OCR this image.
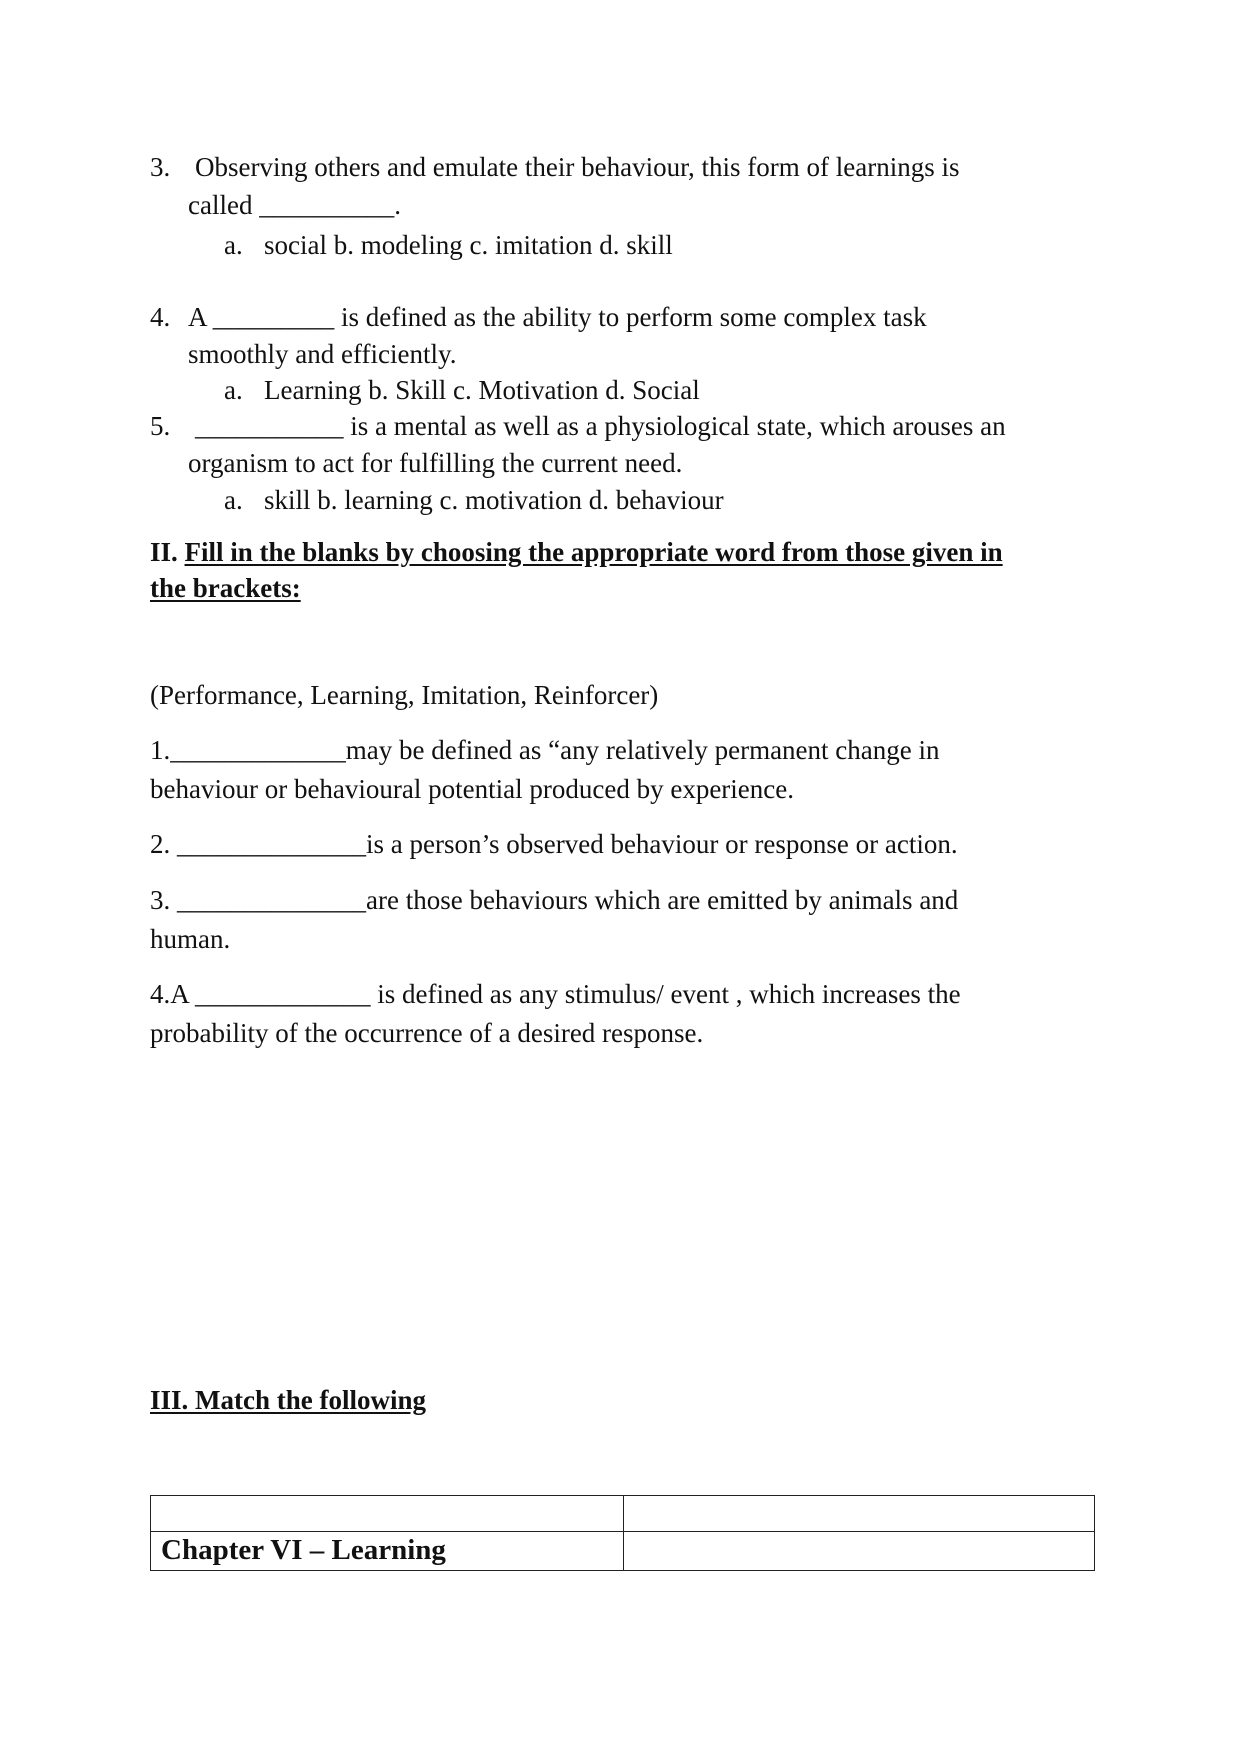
3. Observing others and emulate their behaviour, this form of learnings is
called __________.
a. social b. modeling c. imitation d. skill
4. A _________ is defined as the ability to perform some complex task
smoothly and efficiently.
a. Learning b. Skill c. Motivation d. Social
5. ___________ is a mental as well as a physiological state, which arouses an
organism to act for fulfilling the current need.
a. skill b. learning c. motivation d. behaviour
II. Fill in the blanks by choosing the appropriate word from those given in
the brackets:
(Performance, Learning, Imitation, Reinforcer)
1._____________may be defined as “any relatively permanent change in
behaviour or behavioural potential produced by experience.
2. ______________is a person’s observed behaviour or response or action.
3. ______________are those behaviours which are emitted by animals and
human.
4.A _____________ is defined as any stimulus/ event , which increases the
probability of the occurrence of a desired response.
III. Match the following

Chapter VI – Learning	
